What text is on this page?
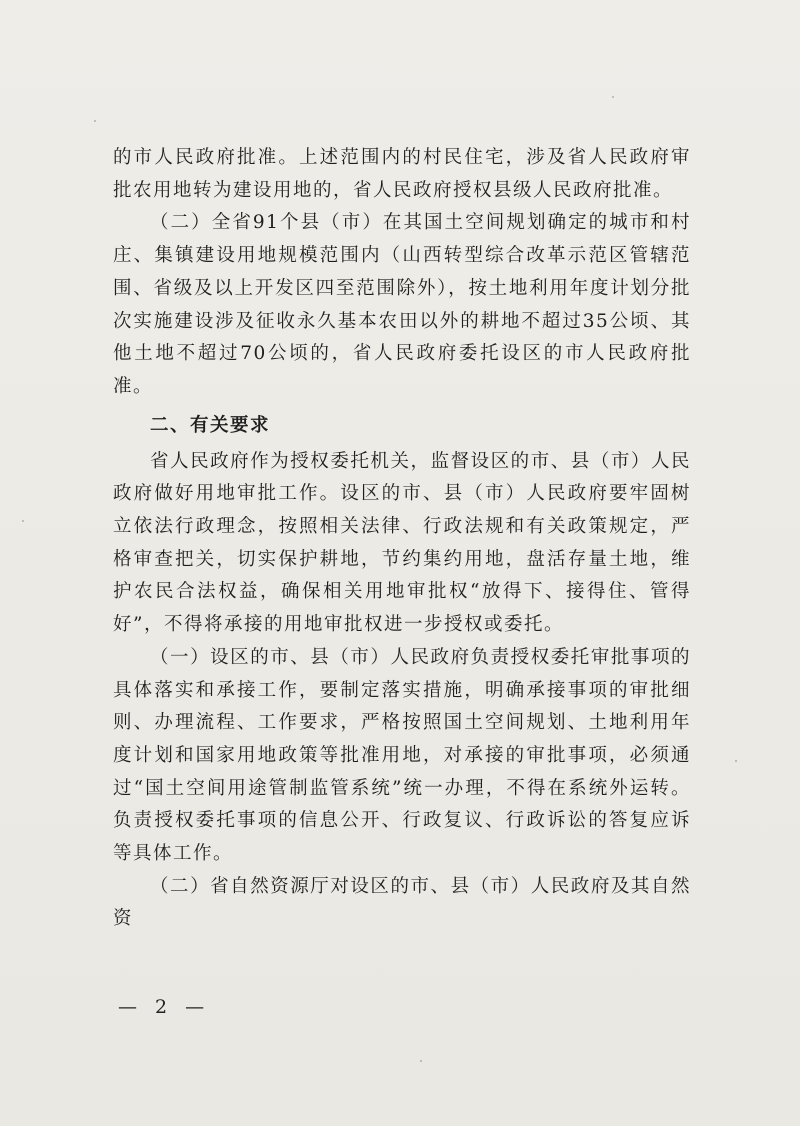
的市人民政府批准。上述范围内的村民住宅，涉及省人民政府审批农用地转为建设用地的，省人民政府授权县级人民政府批准。

（二）全省91个县（市）在其国土空间规划确定的城市和村庄、集镇建设用地规模范围内（山西转型综合改革示范区管辖范围、省级及以上开发区四至范围除外），按土地利用年度计划分批次实施建设涉及征收永久基本农田以外的耕地不超过35公顷、其他土地不超过70公顷的，省人民政府委托设区的市人民政府批准。

二、有关要求

省人民政府作为授权委托机关，监督设区的市、县（市）人民政府做好用地审批工作。设区的市、县（市）人民政府要牢固树立依法行政理念，按照相关法律、行政法规和有关政策规定，严格审查把关，切实保护耕地，节约集约用地，盘活存量土地，维护农民合法权益，确保相关用地审批权“放得下、接得住、管得好”，不得将承接的用地审批权进一步授权或委托。

（一）设区的市、县（市）人民政府负责授权委托审批事项的具体落实和承接工作，要制定落实措施，明确承接事项的审批细则、办理流程、工作要求，严格按照国土空间规划、土地利用年度计划和国家用地政策等批准用地，对承接的审批事项，必须通过“国土空间用途管制监管系统”统一办理，不得在系统外运转。负责授权委托事项的信息公开、行政复议、行政诉讼的答复应诉等具体工作。

（二）省自然资源厅对设区的市、县（市）人民政府及其自然资

— 2 —
